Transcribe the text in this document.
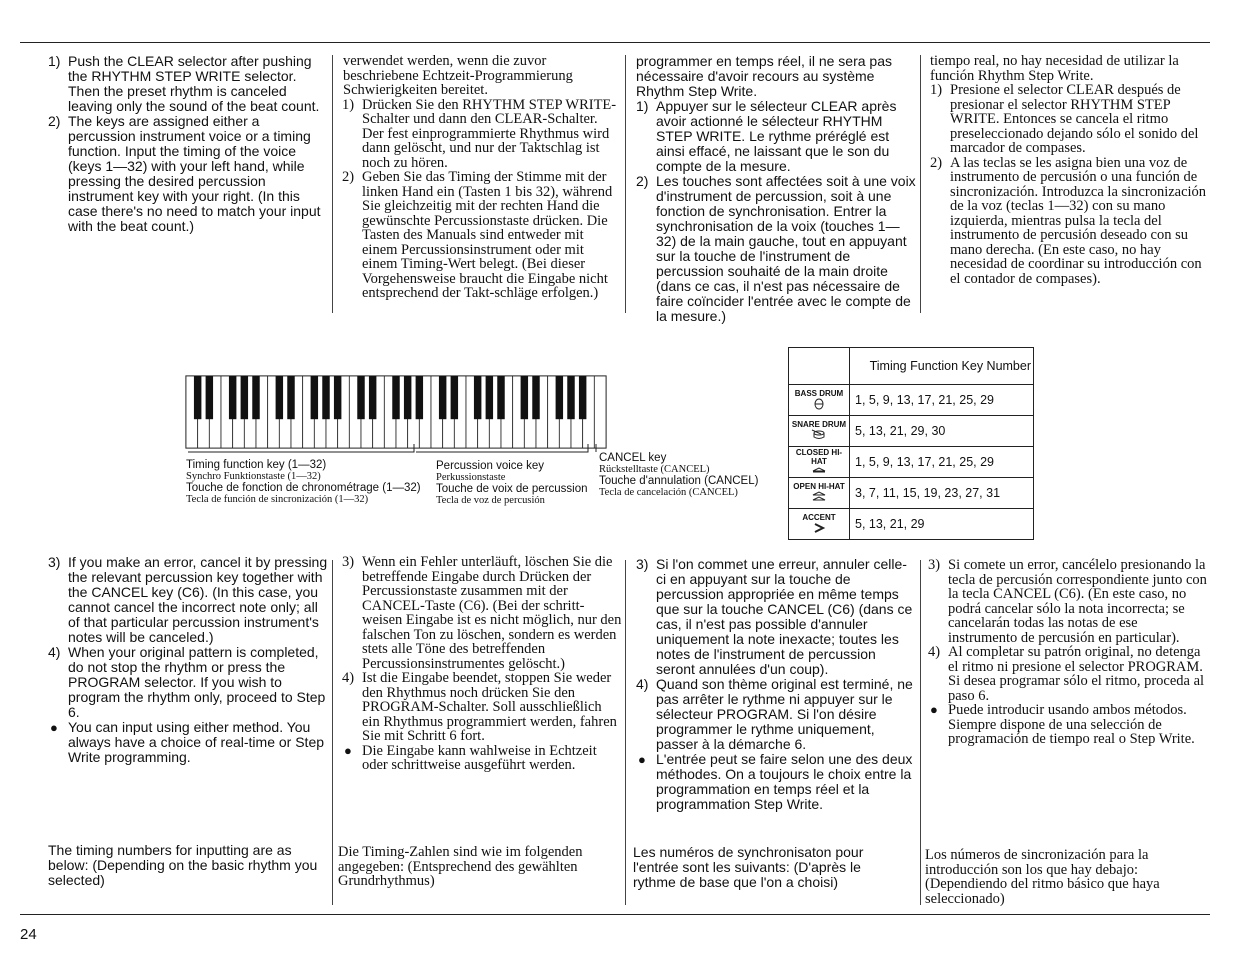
1) Push the CLEAR selector after pushing the RHYTHM STEP WRITE selector. Then the preset rhythm is canceled leaving only the sound of the beat count.
2) The keys are assigned either a percussion instrument voice or a timing function. Input the timing of the voice (keys 1—32) with your left hand, while pressing the desired percussion instrument key with your right. (In this case there's no need to match your input with the beat count.)

verwendet werden, wenn die zuvor beschriebene Echtzeit-Programmierung Schwierigkeiten bereitet.

1) Drücken Sie den RHYTHM STEP WRITE-Schalter und dann den CLEAR-Schalter. Der fest einprogrammierte Rhythmus wird dann gelöscht, und nur der Taktschlag ist noch zu hören.
2) Geben Sie das Timing der Stimme mit der linken Hand ein (Tasten 1 bis 32), während Sie gleichzeitig mit der rechten Hand die gewünschte Percussionstaste drücken. Die Tasten des Manuals sind entweder mit einem Percussionsinstrument oder mit einem Timing-Wert belegt. (Bei dieser Vorgehensweise braucht die Eingabe nicht entsprechend der Takt-schläge erfolgen.)

programmer en temps réel, il ne sera pas nécessaire d'avoir recours au système Rhythm Step Write.

1) Appuyer sur le sélecteur CLEAR après avoir actionné le sélecteur RHYTHM STEP WRITE. Le rythme préréglé est ainsi effacé, ne laissant que le son du compte de la mesure.
2) Les touches sont affectées soit à une voix d'instrument de percussion, soit à une fonction de synchronisation. Entrer la synchronisation de la voix (touches 1—32) de la main gauche, tout en appuyant sur la touche de l'instrument de percussion souhaité de la main droite (dans ce cas, il n'est pas nécessaire de faire coïncider l'entrée avec le compte de la mesure.)

tiempo real, no hay necesidad de utilizar la función Rhythm Step Write.

1) Presione el selector CLEAR después de presionar el selector RHYTHM STEP WRITE. Entonces se cancela el ritmo preseleccionado dejando sólo el sonido del marcador de compases.
2) A las teclas se les asigna bien una voz de instrumento de percusión o una función de sincronización. Introduzca la sincronización de la voz (teclas 1—32) con su mano izquierda, mientras pulsa la tecla del instrumento de percusión deseado con su mano derecha. (En este caso, no hay necesidad de coordinar su introducción con el contador de compases).
Timing function key (1—32)
Synchro Funktionstaste (1—32)
Touche de fonction de chronométrage (1—32)
Tecla de función de sincronización (1—32)
Percussion voice key
Perkussionstaste
Touche de voix de percussion
Tecla de voz de percusión
CANCEL key
Rückstelltaste (CANCEL)
Touche d'annulation (CANCEL)
Tecla de cancelación (CANCEL)
	Timing Function Key Number

BASS DRUM	1, 5, 9, 13, 17, 21, 25, 29

SNARE DRUM	5, 13, 21, 29, 30

CLOSED HI-HAT	1, 5, 9, 13, 17, 21, 25, 29

OPEN HI-HAT	3, 7, 11, 15, 19, 23, 27, 31

ACCENT	5, 13, 21, 29
3) If you make an error, cancel it by pressing the relevant percussion key together with the CANCEL key (C6). (In this case, you cannot cancel the incorrect note only; all of that particular percussion instrument's notes will be canceled.)
4) When your original pattern is completed, do not stop the rhythm or press the PROGRAM selector. If you wish to program the rhythm only, proceed to Step 6.
● You can input using either method. You always have a choice of real-time or Step Write programming.

The timing numbers for inputting are as below: (Depending on the basic rhythm you selected)

3) Wenn ein Fehler unterläuft, löschen Sie die betreffende Eingabe durch Drücken der Percussionstaste zusammen mit der CANCEL-Taste (C6). (Bei der schritt-weisen Eingabe ist es nicht möglich, nur den falschen Ton zu löschen, sondern es werden stets alle Töne des betreffenden Percussionsinstrumentes gelöscht.)
4) Ist die Eingabe beendet, stoppen Sie weder den Rhythmus noch drücken Sie den PROGRAM-Schalter. Soll ausschließlich ein Rhythmus programmiert werden, fahren Sie mit Schritt 6 fort.
● Die Eingabe kann wahlweise in Echtzeit oder schrittweise ausgeführt werden.

Die Timing-Zahlen sind wie im folgenden angegeben: (Entsprechend des gewählten Grundrhythmus)

3) Si l'on commet une erreur, annuler celle-ci en appuyant sur la touche de percussion appropriée en même temps que sur la touche CANCEL (C6) (dans ce cas, il n'est pas possible d'annuler uniquement la note inexacte; toutes les notes de l'instrument de percussion seront annulées d'un coup).
4) Quand son thème original est terminé, ne pas arrêter le rythme ni appuyer sur le sélecteur PROGRAM. Si l'on désire programmer le rythme uniquement, passer à la démarche 6.
● L'entrée peut se faire selon une des deux méthodes. On a toujours le choix entre la programmation en temps réel et la programmation Step Write.

Les numéros de synchronisaton pour l'entrée sont les suivants: (D'après le rythme de base que l'on a choisi)

3) Si comete un error, cancélelo presionando la tecla de percusión correspondiente junto con la tecla CANCEL (C6). (En este caso, no podrá cancelar sólo la nota incorrecta; se cancelarán todas las notas de ese instrumento de percusión en particular).
4) Al completar su patrón original, no detenga el ritmo ni presione el selector PROGRAM. Si desea programar sólo el ritmo, proceda al paso 6.
● Puede introducir usando ambos métodos. Siempre dispone de una selección de programación de tiempo real o Step Write.

Los números de sincronización para la introducción son los que hay debajo: (Dependiendo del ritmo básico que haya seleccionado)

24
